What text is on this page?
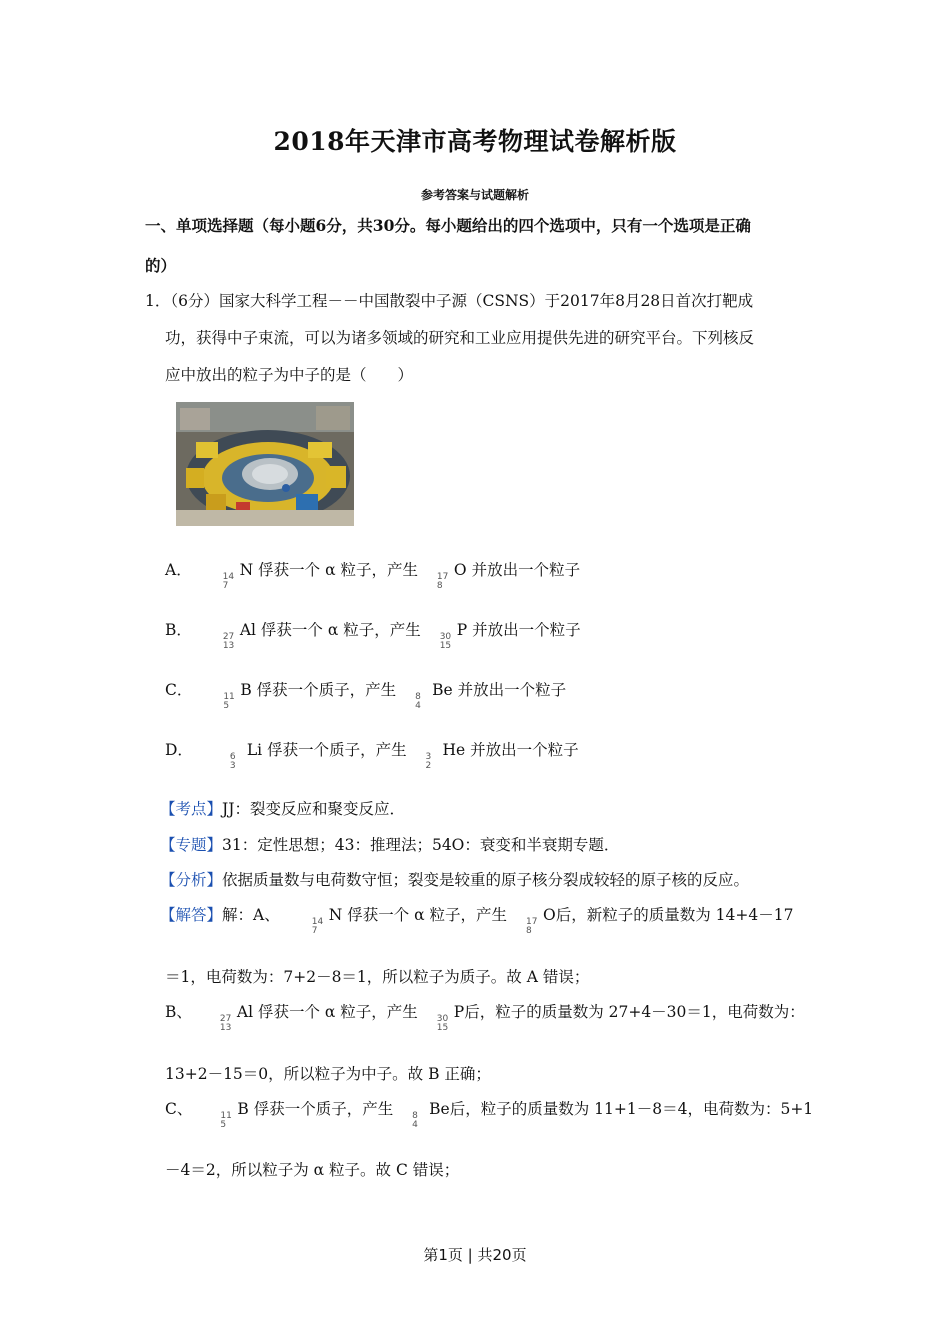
2018年天津市高考物理试卷解析版
参考答案与试题解析
一、单项选择题（每小题6分，共30分。每小题给出的四个选项中，只有一个选项是正确
的）
1．（6分）国家大科学工程－－中国散裂中子源（CSNS）于2017年8月28日首次打靶成
功，获得中子束流，可以为诸多领域的研究和工业应用提供先进的研究平台。下列核反
应中放出的粒子为中子的是（　　）
A．	14
7
N 俘获一个 α 粒子，产生 17
8
O 并放出一个粒子
B．	27
13
Al 俘获一个 α 粒子，产生 30
15
P 并放出一个粒子
C．	11
5
B 俘获一个质子，产生 8
4
Be 并放出一个粒子
D．	6
3
Li 俘获一个质子，产生 3
2
He 并放出一个粒子
【考点】JJ：裂变反应和聚变反应．
【专题】31：定性思想；43：推理法；54O：衰变和半衰期专题．
【分析】依据质量数与电荷数守恒；裂变是较重的原子核分裂成较轻的原子核的反应。
【解答】解：A、	14
7
N 俘获一个 α 粒子，产生 17
8
O后，新粒子的质量数为 14+4－17
＝1，电荷数为：7+2－8＝1，所以粒子为质子。故 A 错误；
B、	27
13
Al 俘获一个 α 粒子，产生 30
15
P后，粒子的质量数为 27+4－30＝1，电荷数为：
13+2－15＝0，所以粒子为中子。故 B 正确；
C、	11
5
B 俘获一个质子，产生 8
4
Be后，粒子的质量数为 11+1－8＝4，电荷数为：5+1
－4＝2，所以粒子为 α 粒子。故 C 错误；
第1页 | 共20页
